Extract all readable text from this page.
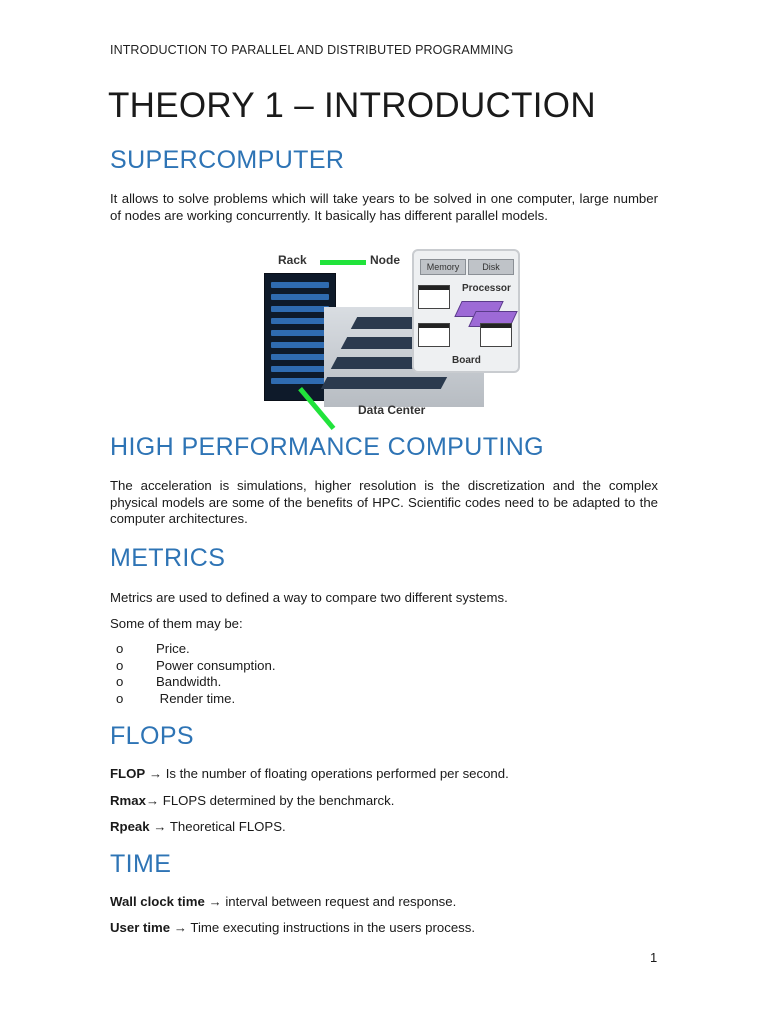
INTRODUCTION TO PARALLEL AND DISTRIBUTED PROGRAMMING
THEORY 1 – INTRODUCTION
SUPERCOMPUTER

It allows to solve problems which will take years to be solved in one computer, large number of nodes are working concurrently. It basically has different parallel models.

Memory	Disk
Processor
Board
Rack	Node
Data Center
HIGH PERFORMANCE COMPUTING

The acceleration is simulations, higher resolution is the discretization and the complex physical models are some of the benefits of HPC. Scientific codes need to be adapted to the computer architectures.

METRICS

Metrics are used to defined a way to compare two different systems.

Some of them may be:

o	Price.
o	Power consumption.
o	Bandwidth.
o	Render time.
FLOPS

FLOP → Is the number of floating operations performed per second.

Rmax→ FLOPS determined by the benchmarck.

Rpeak → Theoretical FLOPS.

TIME

Wall clock time → interval between request and response.

User time → Time executing instructions in the users process.

1
